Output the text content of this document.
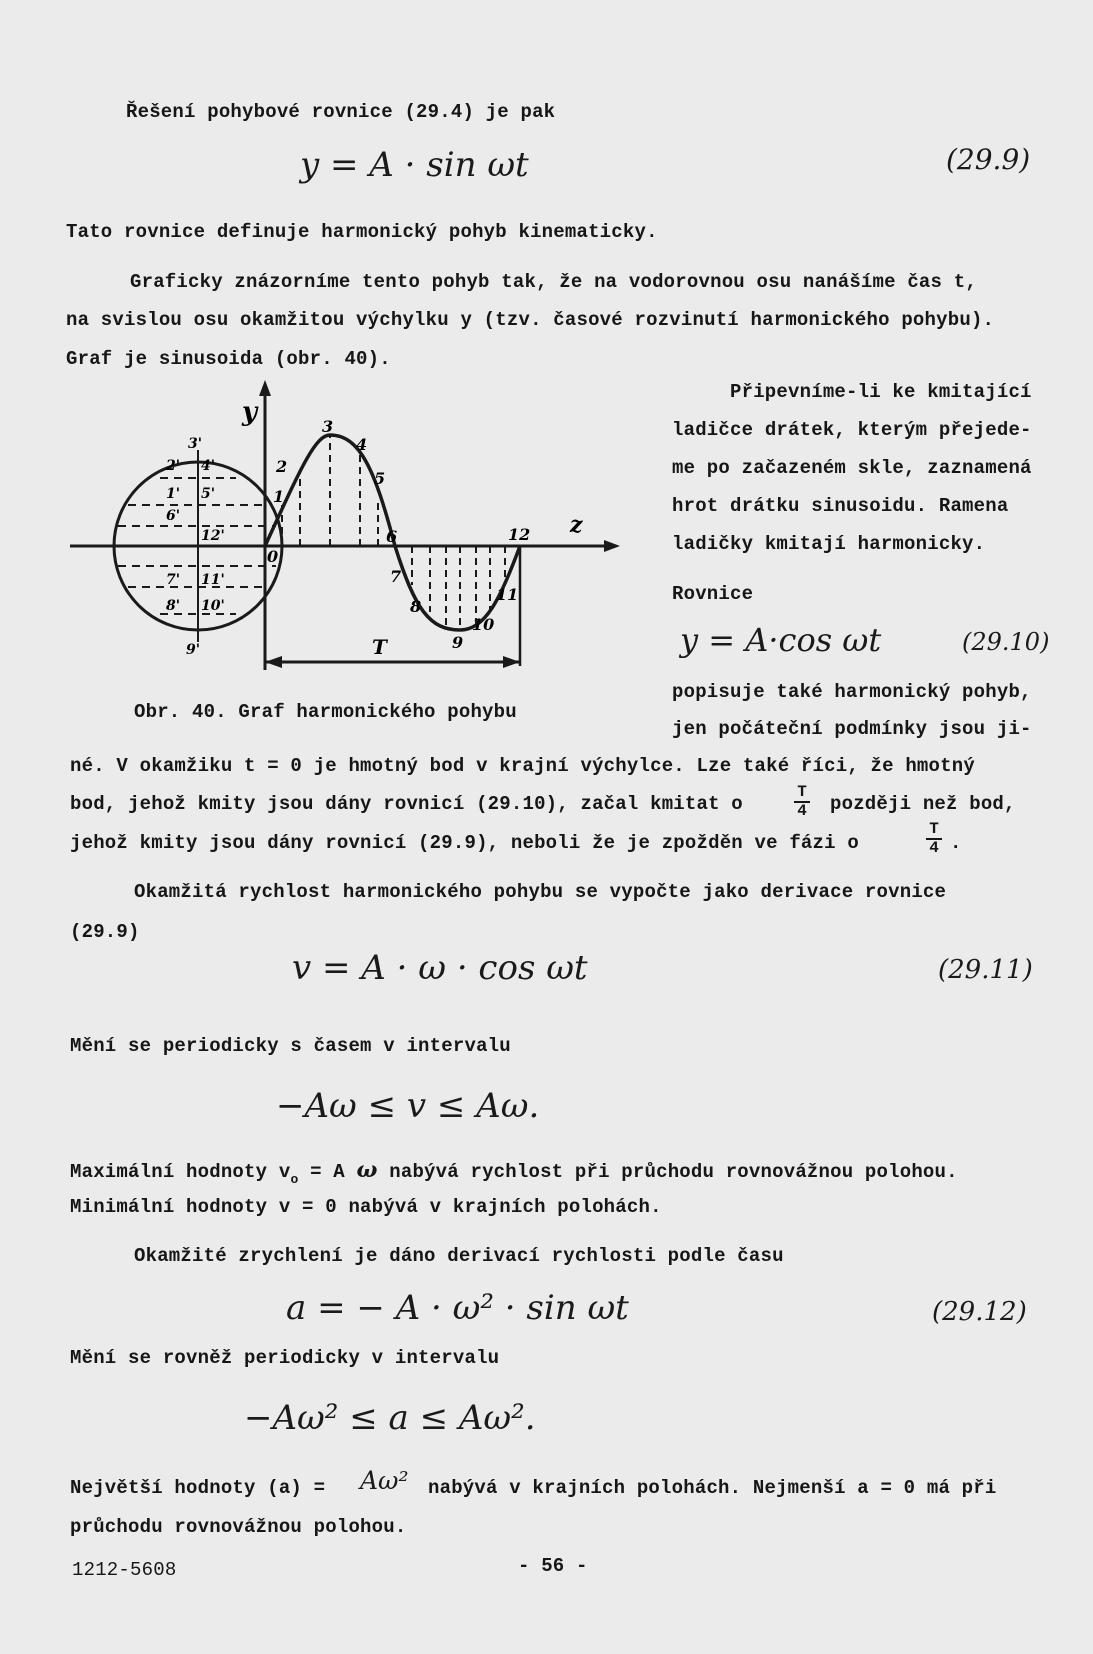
Řešení pohybové rovnice (29.4) je pak
y = A · sin ωt	(29.9)
Tato rovnice definuje harmonický pohyb kinematicky.
Graficky znázorníme tento pohyb tak, že na vodorovnou osu nanášíme čas t,
na svislou osu okamžitou výchylku y (tzv. časové rozvinutí harmonického pohybu).
Graf je sinusoida (obr. 40).
y
z
T
0
1
2
3
4
5
6
7
8
9
10
11
12
3'
4'
2'
5'
1'
6'
12'
7' 11'
8' 10'
9'
Připevníme-li ke kmitající
ladičce drátek, kterým přejede-
me po začazeném skle, zaznamená
hrot drátku sinusoidu. Ramena
ladičky kmitají harmonicky.
Rovnice
y = A·cos ωt	(29.10)
popisuje také harmonický pohyb,
jen počáteční podmínky jsou ji-
Obr. 40. Graf harmonického pohybu
né. V okamžiku t = 0 je hmotný bod v krajní výchylce. Lze také říci, že hmotný
bod, jehož kmity jsou dány rovnicí (29.10), začal kmitat o	$\frac{T}{4}$ později než bod,
jehož kmity jsou dány rovnicí (29.9), neboli že je zpožděn ve fázi o	$\frac{T}{4}$ .
Okamžitá rychlost harmonického pohybu se vypočte jako derivace rovnice
(29.9)
v = A · ω · cos ωt	(29.11)
Mění se periodicky s časem v intervalu
−Aω ≤ v ≤ Aω.
Maximální hodnoty $v_o = A$ ω nabývá rychlost při průchodu rovnovážnou polohou.
Minimální hodnoty v = 0 nabývá v krajních polohách.
Okamžité zrychlení je dáno derivací rychlosti podle času
a = − A · ω² · sin ωt	(29.12)
Mění se rovněž periodicky v intervalu
−Aω² ≤ a ≤ Aω².
Největší hodnoty (a) = Aω² nabývá v krajních polohách. Nejmenší a = 0 má při
průchodu rovnovážnou polohou.
1212-5608	- 56 -
